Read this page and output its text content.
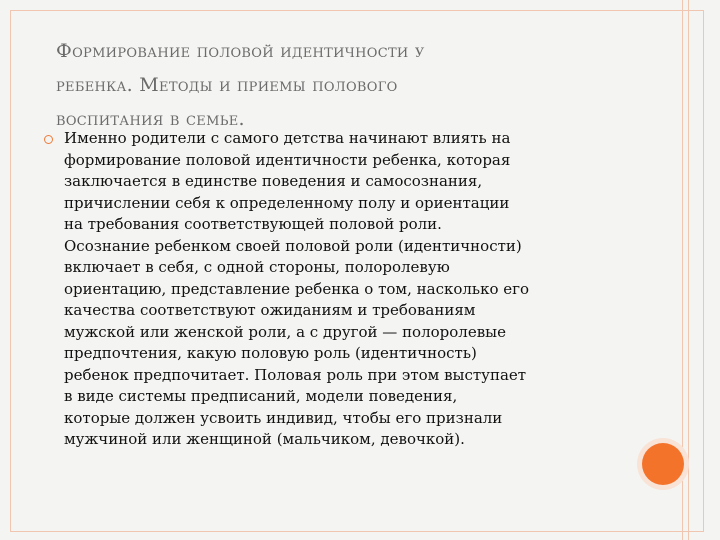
Формирование половой идентичности у
ребенка. Методы и приемы полового
воспитания в семье.
Именно родители с самого детства начинают влиять на
формирование половой идентичности ребенка, которая
заключается в единстве поведения и самосознания,
причислении себя к определенному полу и ориентации
на требования соответствующей половой роли.
Осознание ребенком своей половой роли (идентичности)
включает в себя, с одной стороны, полоролевую
ориентацию, представление ребенка о том, насколько его
качества соответствуют ожиданиям и требованиям
мужской или женской роли, а с другой — полоролевые
предпочтения, какую половую роль (идентичность)
ребенок предпочитает. Половая роль при этом выступает
в виде системы предписаний, модели поведения,
которые должен усвоить индивид, чтобы его признали
мужчиной или женщиной (мальчиком, девочкой).
